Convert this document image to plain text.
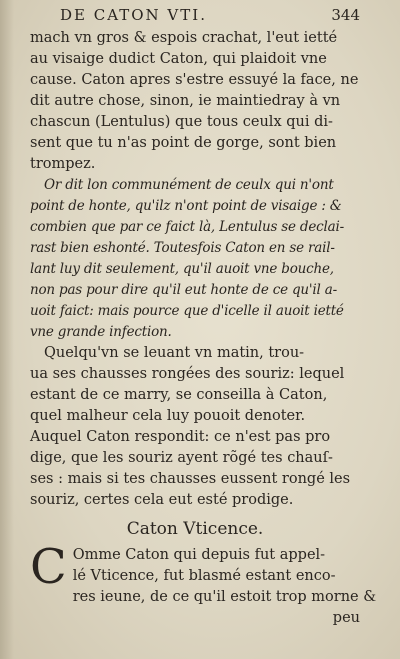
DE CATON VTI.	344

mach vn gros & espois crachat, l'eut ietté
au visaige dudict Caton, qui plaidoit vne
cause. Caton apres s'estre essuyé la face, ne
dit autre chose, sinon, ie maintiedray à vn
chascun (Lentulus) que tous ceulx qui di-
sent que tu n'as point de gorge, sont bien
trompez.

Or dit lon communément de ceulx qui n'ont
point de honte, qu'ilz n'ont point de visaige : &
combien que par ce faict là, Lentulus se declai-
rast bien eshonté. Toutesfois Caton en se rail-
lant luy dit seulement, qu'il auoit vne bouche,
non pas pour dire qu'il eut honte de ce qu'il a-
uoit faict: mais pource que d'icelle il auoit ietté
vne grande infection.

Quelqu'vn se leuant vn matin, trou-
ua ses chausses rongées des souriz: lequel
estant de ce marry, se conseilla à Caton,
quel malheur cela luy pouoit denoter.
Auquel Caton respondit: ce n'est pas pro
dige, que les souriz ayent rõgé tes chauſ-
ses : mais si tes chausses eussent rongé les
souriz, certes cela eut esté prodige.

Caton Vticence.
C Omme Caton qui depuis fut appel-
lé Vticence, fut blasmé estant enco-
res ieune, de ce qu'il estoit trop morne &
peu
